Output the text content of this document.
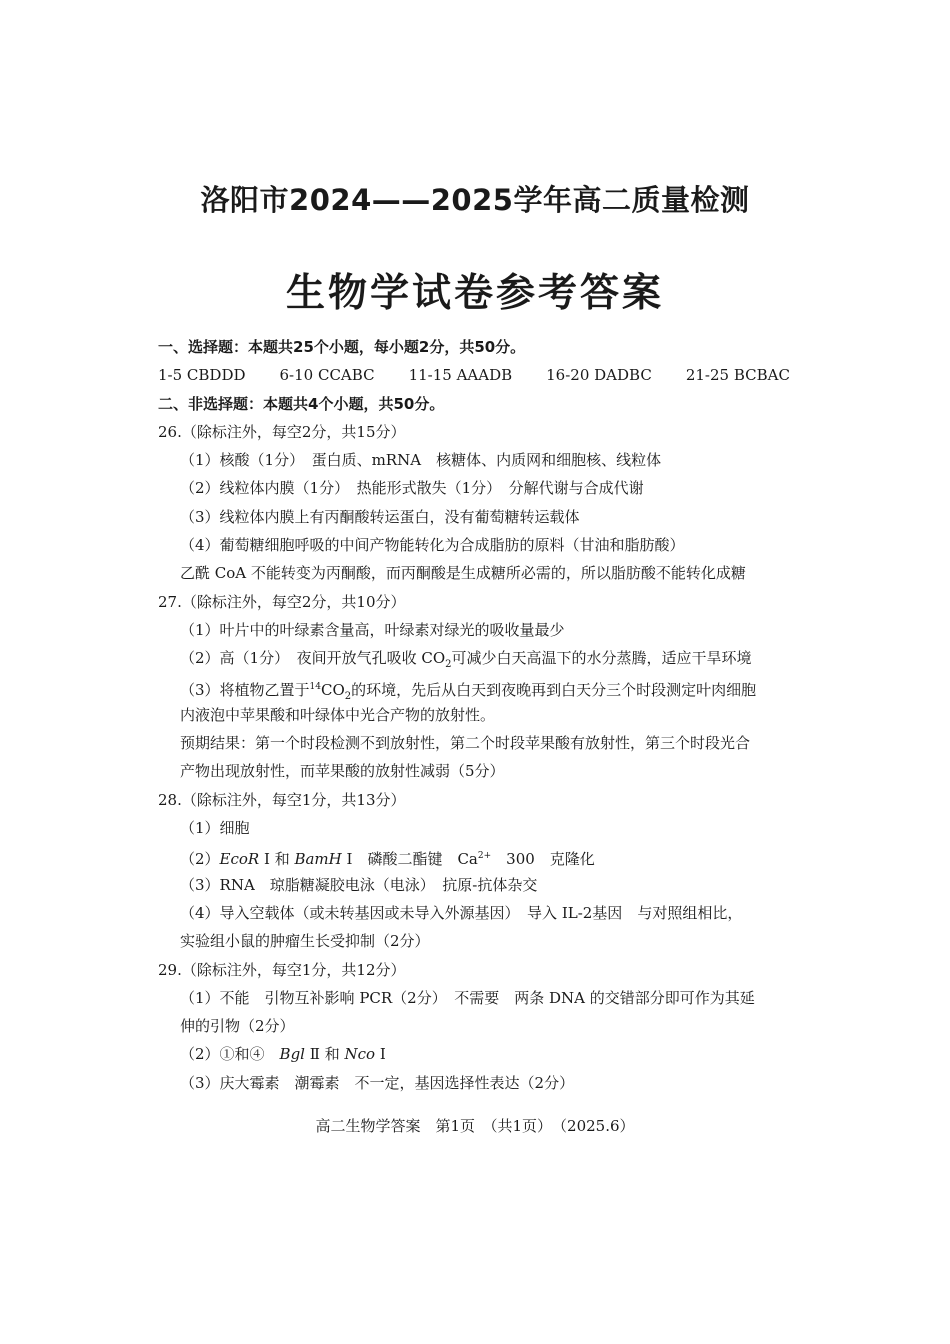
洛阳市2024——2025学年高二质量检测
生物学试卷参考答案
一、选择题：本题共25个小题，每小题2分，共50分。
1-5 CBDDD 6-10 CCABC 11-15 AAADB 16-20 DADBC 21-25 BCBAC
二、非选择题：本题共4个小题，共50分。
26.（除标注外，每空2分，共15分）
（1）核酸（1分）　蛋白质、mRNA　核糖体、内质网和细胞核、线粒体
（2）线粒体内膜（1分）　热能形式散失（1分）　分解代谢与合成代谢
（3）线粒体内膜上有丙酮酸转运蛋白，没有葡萄糖转运载体
（4）葡萄糖细胞呼吸的中间产物能转化为合成脂肪的原料（甘油和脂肪酸）
乙酰 CoA 不能转变为丙酮酸，而丙酮酸是生成糖所必需的，所以脂肪酸不能转化成糖
27.（除标注外，每空2分，共10分）
（1）叶片中的叶绿素含量高，叶绿素对绿光的吸收量最少
（2）高（1分）　夜间开放气孔吸收 $CO_2$可减少白天高温下的水分蒸腾，适应干旱环境
（3）将植物乙置于$^{14}CO_2$的环境，先后从白天到夜晚再到白天分三个时段测定叶肉细胞
内液泡中苹果酸和叶绿体中光合产物的放射性。
预期结果：第一个时段检测不到放射性，第二个时段苹果酸有放射性，第三个时段光合
产物出现放射性，而苹果酸的放射性减弱（5分）
28.（除标注外，每空1分，共13分）
（1）细胞
（2）EcoR Ⅰ 和 BamH Ⅰ　磷酸二酯键　$Ca^{2+}$　300　克隆化
（3）RNA　琼脂糖凝胶电泳（电泳）　抗原-抗体杂交
（4）导入空载体（或未转基因或未导入外源基因）　导入 IL-2基因　与对照组相比，
实验组小鼠的肿瘤生长受抑制（2分）
29.（除标注外，每空1分，共12分）
（1）不能　引物互补影响 PCR（2分）　不需要　两条 DNA 的交错部分即可作为其延
伸的引物（2分）
（2）①和④　Bgl Ⅱ 和 Nco Ⅰ
（3）庆大霉素　潮霉素　不一定，基因选择性表达（2分）
高二生物学答案　第1页　（共1页）　（2025.6）
